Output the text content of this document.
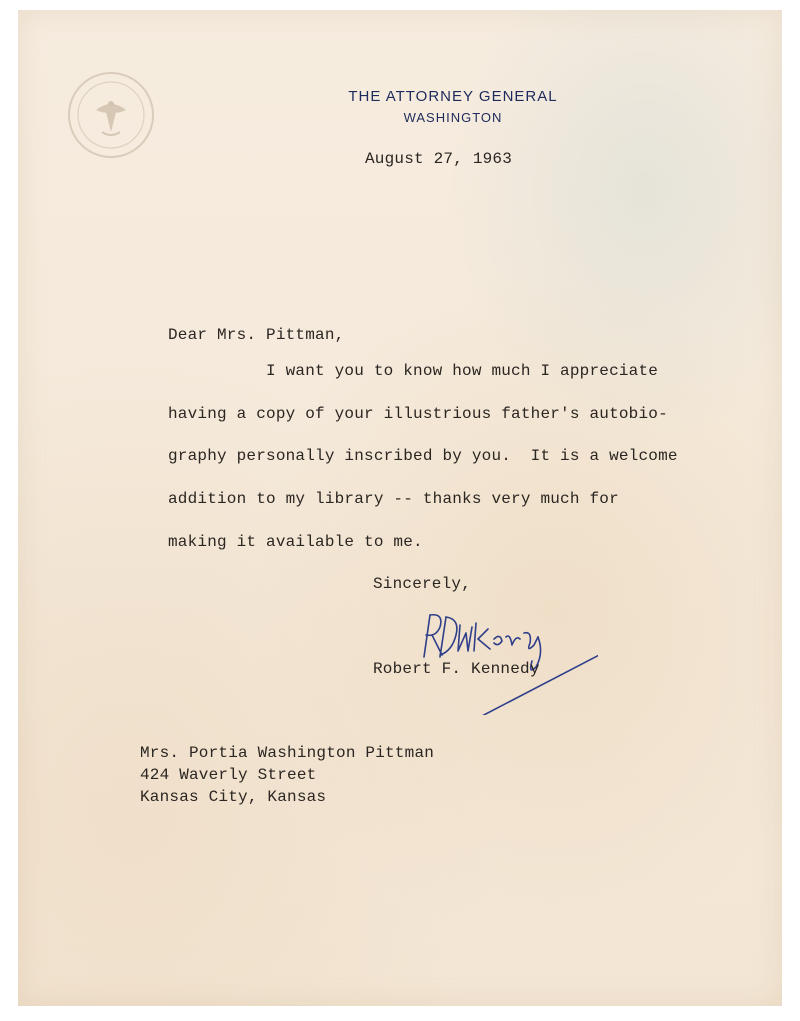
THE ATTORNEY GENERAL
WASHINGTON
August 27, 1963
Dear Mrs. Pittman,
I want you to know how much I appreciate
having a copy of your illustrious father's autobio-
graphy personally inscribed by you.  It is a welcome
addition to my library -- thanks very much for
making it available to me.
Sincerely,
Robert F. Kennedy
Mrs. Portia Washington Pittman
424 Waverly Street
Kansas City, Kansas
